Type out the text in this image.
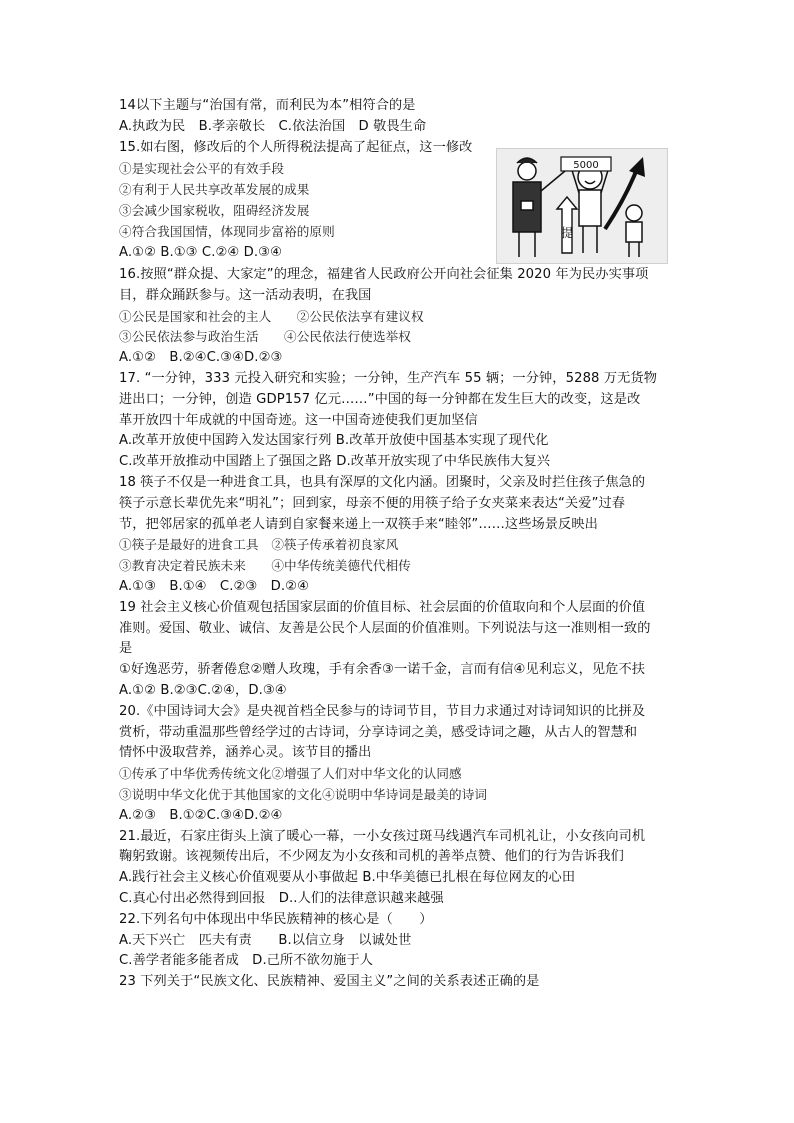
14以下主题与“治国有常，而利民为本”相符合的是
A.执政为民　B.孝亲敬长　C.依法治国　D 敬畏生命
15.如右图，修改后的个人所得税法提高了起征点，这一修改
①是实现社会公平的有效手段
②有利于人民共享改革发展的成果
③会减少国家税收，阻碍经济发展
④符合我国国情，体现同步富裕的原则
A.①② B.①③ C.②④ D.③④
5000
提
16.按照“群众提、大家定”的理念，福建省人民政府公开向社会征集 2020 年为民办实事项
目，群众踊跃参与。这一活动表明，在我国
①公民是国家和社会的主人　　②公民依法享有建议权
③公民依法参与政治生活　　④公民依法行使选举权
A.①②　B.②④C.③④D.②③
17. “一分钟，333 元投入研究和实验；一分钟，生产汽车 55 辆；一分钟，5288 万无货物
进出口；一分钟，创造 GDP157 亿元……”中国的每一分钟都在发生巨大的改变，这是改
革开放四十年成就的中国奇迹。这一中国奇迹使我们更加坚信
A.改革开放使中国跨入发达国家行列 B.改革开放使中国基本实现了现代化
C.改革开放推动中国踏上了强国之路 D.改革开放实现了中华民族伟大复兴
18 筷子不仅是一种进食工具，也具有深厚的文化内涵。团聚时，父亲及时拦住孩子焦急的
筷子示意长辈优先来“明礼”；回到家，母亲不便的用筷子给子女夹菜来表达“关爱”过春
节，把邻居家的孤单老人请到自家餐来递上一双筷手来“睦邻”……这些场景反映出
①筷子是最好的进食工具　②筷子传承着初良家风
③教育决定着民族未来　　④中华传统美德代代相传
A.①③　B.①④　C.②③　D.②④
19 社会主义核心价值观包括国家层面的价值目标、社会层面的价值取向和个人层面的价值
准则。爱国、敬业、诚信、友善是公民个人层面的价值准则。下列说法与这一准则相一致的
是
①好逸恶劳，骄奢倦怠②赠人玫瑰，手有余香③一诺千金，言而有信④见利忘义，见危不扶
A.①② B.②③C.②④，D.③④
20.《中国诗词大会》是央视首档全民参与的诗词节目，节目力求通过对诗词知识的比拼及
赏析，带动重温那些曾经学过的古诗词，分享诗词之美，感受诗词之趣，从古人的智慧和
情怀中汲取营养，涵养心灵。该节目的播出
①传承了中华优秀传统文化②增强了人们对中华文化的认同感
③说明中华文化优于其他国家的文化④说明中华诗词是最美的诗词
A.②③　B.①②C.③④D.②④
21.最近，石家庄街头上演了暖心一幕，一小女孩过斑马线遇汽车司机礼让，小女孩向司机
鞠躬致谢。该视频传出后，不少网友为小女孩和司机的善举点赞、他们的行为告诉我们
A.践行社会主义核心价值观要从小事做起 B.中华美德已扎根在每位网友的心田
C.真心付出必然得到回报　D..人们的法律意识越来越强
22.下列名句中体现出中华民族精神的核心是（　　）
A.天下兴亡　匹夫有责　　B.以信立身　以诚处世
C.善学者能多能者成　D.己所不欲勿施于人
23 下列关于“民族文化、民族精神、爱国主义”之间的关系表述正确的是
